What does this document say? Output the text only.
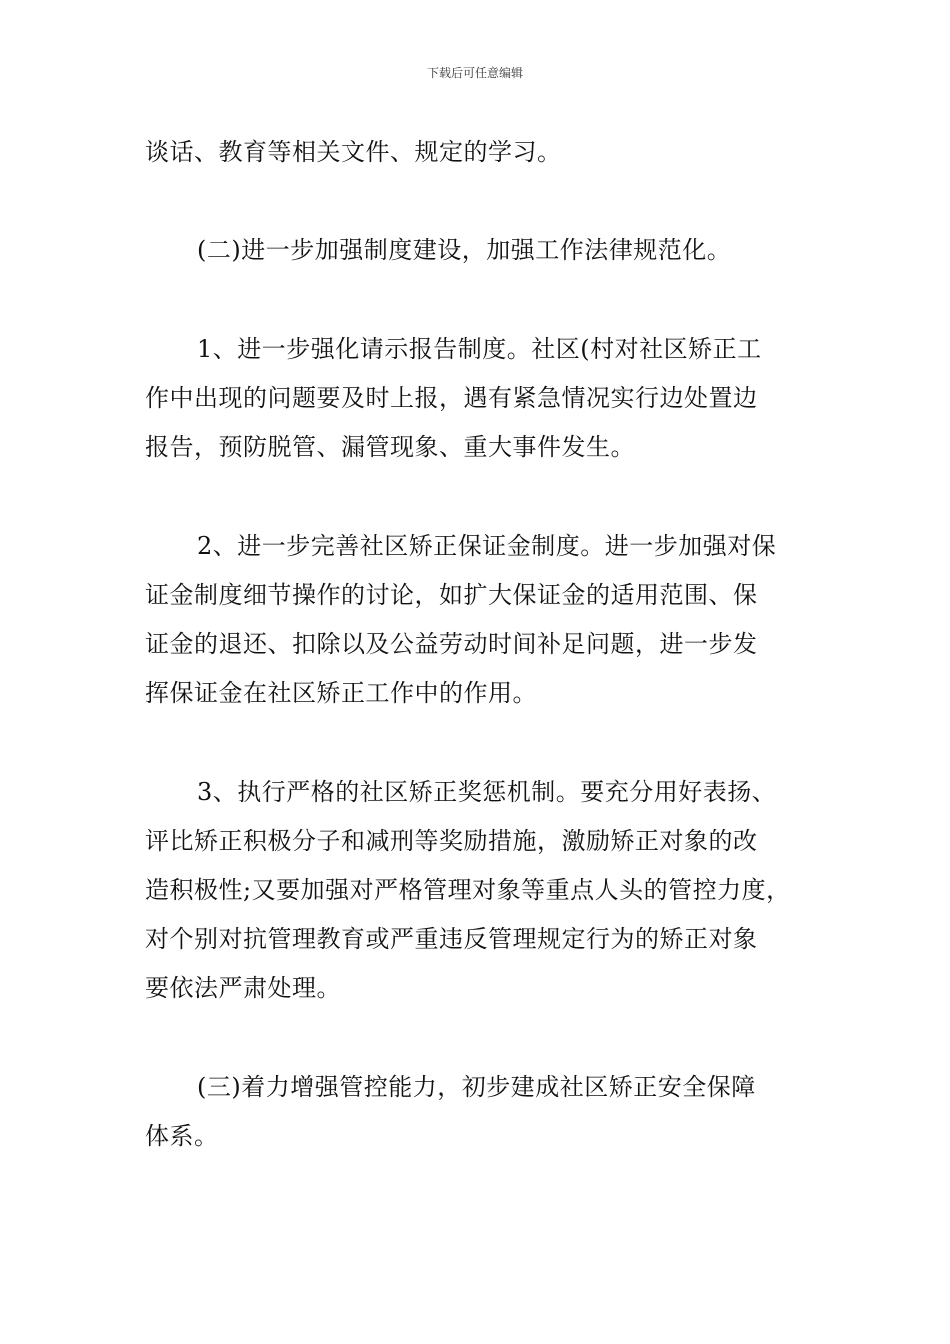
下载后可任意编辑
谈话、教育等相关文件、规定的学习。
(二)进一步加强制度建设，加强工作法律规范化。
1、进一步强化请示报告制度。社区(村对社区矫正工
作中出现的问题要及时上报，遇有紧急情况实行边处置边
报告，预防脱管、漏管现象、重大事件发生。
2、进一步完善社区矫正保证金制度。进一步加强对保
证金制度细节操作的讨论，如扩大保证金的适用范围、保
证金的退还、扣除以及公益劳动时间补足问题，进一步发
挥保证金在社区矫正工作中的作用。
3、执行严格的社区矫正奖惩机制。要充分用好表扬、
评比矫正积极分子和减刑等奖励措施，激励矫正对象的改
造积极性;又要加强对严格管理对象等重点人头的管控力度，
对个别对抗管理教育或严重违反管理规定行为的矫正对象
要依法严肃处理。
(三)着力增强管控能力，初步建成社区矫正安全保障
体系。
